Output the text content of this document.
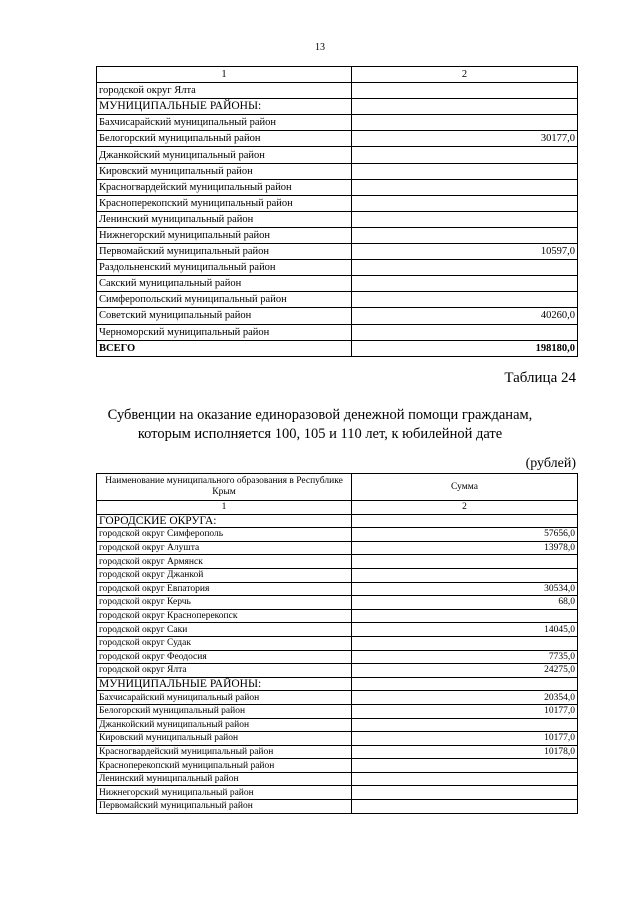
13
1	2
городской округ Ялта	
МУНИЦИПАЛЬНЫЕ РАЙОНЫ:	
Бахчисарайский муниципальный район	
Белогорский муниципальный район	30177,0
Джанкойский муниципальный район	
Кировский муниципальный район	
Красногвардейский муниципальный район	
Красноперекопский муниципальный район	
Ленинский муниципальный район	
Нижнегорский муниципальный район	
Первомайский муниципальный район	10597,0
Раздольненский муниципальный район	
Сакский муниципальный район	
Симферопольский муниципальный район	
Советский муниципальный район	40260,0
Черноморский муниципальный район	
ВСЕГО	198180,0
Таблица 24
Субвенции на оказание единоразовой денежной помощи гражданам,
которым исполняется 100, 105 и 110 лет, к юбилейной дате
(рублей)
Наименование муниципального образования в Республике Крым	Сумма
1	2
ГОРОДСКИЕ ОКРУГА:	
городской округ Симферополь	57656,0
городской округ Алушта	13978,0
городской округ Армянск	
городской округ Джанкой	
городской округ Евпатория	30534,0
городской округ Керчь	68,0
городской округ Красноперекопск	
городской округ Саки	14045,0
городской округ Судак	
городской округ Феодосия	7735,0
городской округ Ялта	24275,0
МУНИЦИПАЛЬНЫЕ РАЙОНЫ:	
Бахчисарайский муниципальный район	20354,0
Белогорский муниципальный район	10177,0
Джанкойский муниципальный район	
Кировский муниципальный район	10177,0
Красногвардейский муниципальный район	10178,0
Красноперекопский муниципальный район	
Ленинский муниципальный район	
Нижнегорский муниципальный район	
Первомайский муниципальный район	
